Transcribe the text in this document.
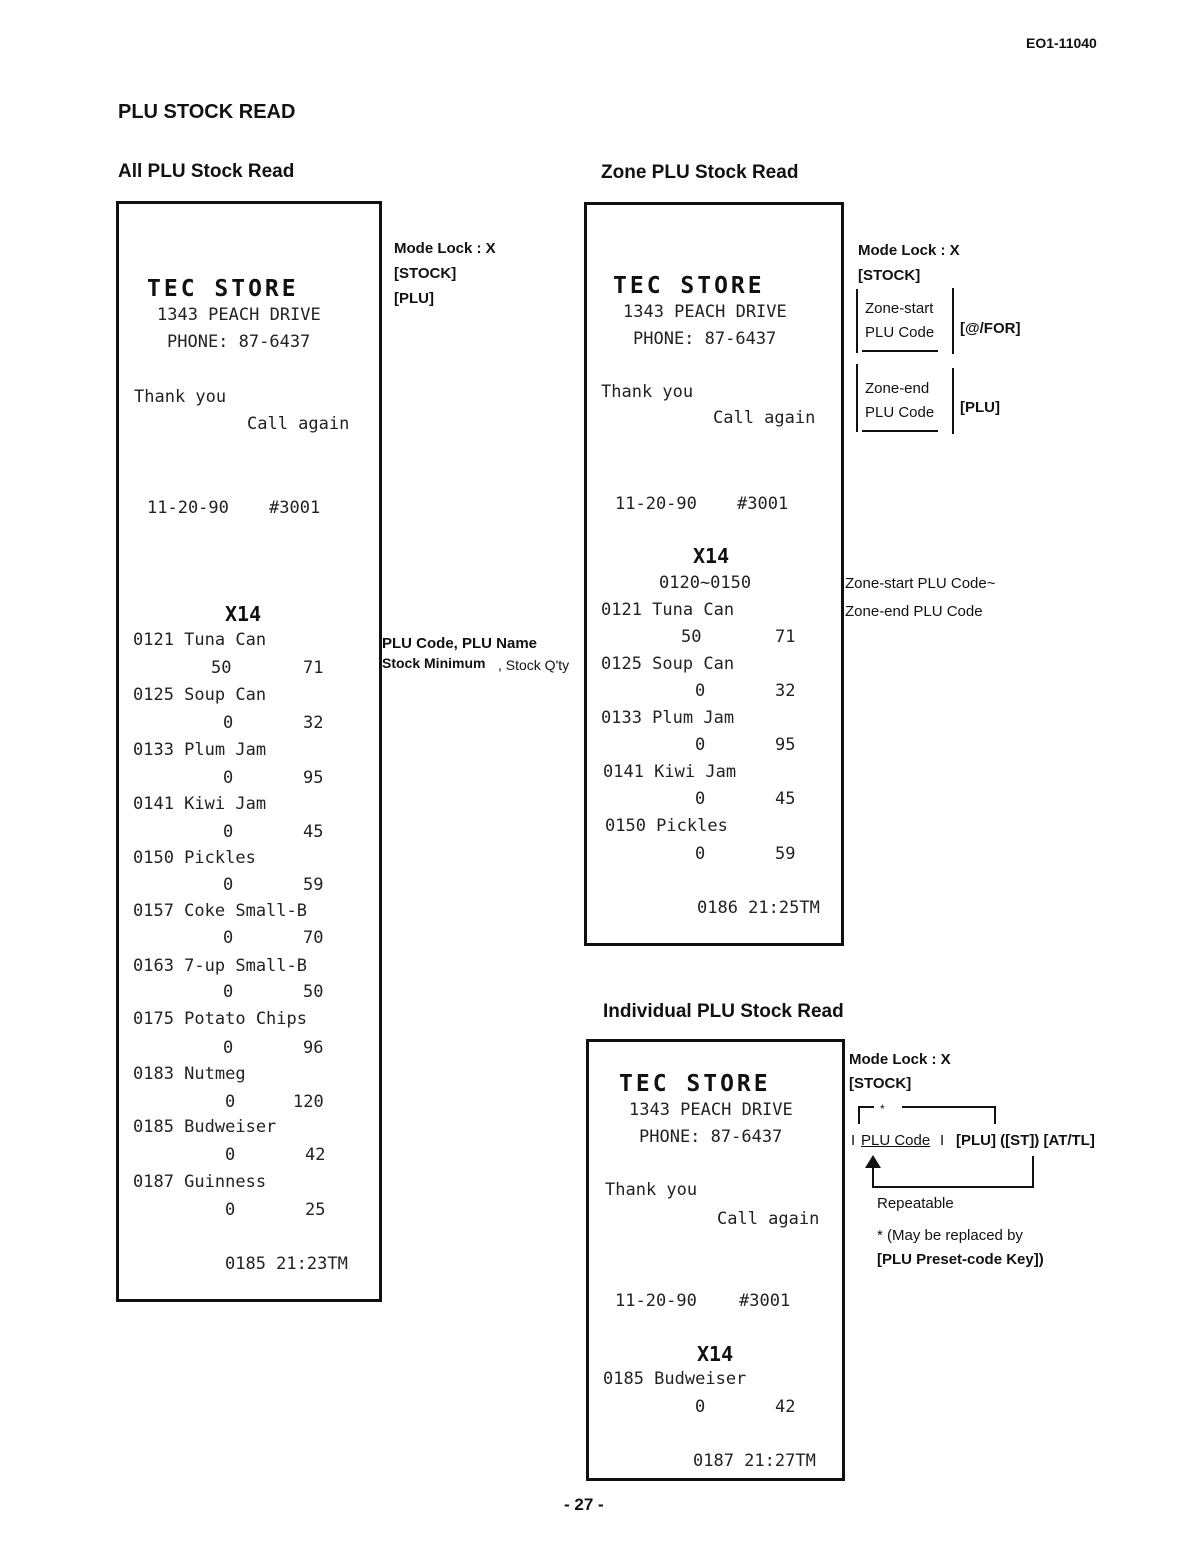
EO1-11040
PLU STOCK READ
All PLU Stock Read
TEC STORE
1343 PEACH DRIVE
PHONE: 87-6437
Thank you
Call again
11-20-90 #3001
X14
0121 Tuna Can
50	71
0125 Soup Can
0	32
0133 Plum Jam
0	95
0141 Kiwi Jam
0	45
0150 Pickles
0	59
0157 Coke Small-B
0	70
0163 7-up Small-B
0	50
0175 Potato Chips
0	96
0183 Nutmeg
0	120
0185 Budweiser
0	42
0187 Guinness
0	25
0185 21:23TM
Mode Lock : X
[STOCK]
[PLU]
PLU Code, PLU Name
Stock Minimum , Stock Q'ty
Zone PLU Stock Read
TEC STORE
1343 PEACH DRIVE
PHONE: 87-6437
Thank you
Call again
11-20-90 #3001
X14
0120~0150
0121 Tuna Can
50	71
0125 Soup Can
0	32
0133 Plum Jam
0	95
0141 Kiwi Jam
0	45
0150 Pickles
0	59
0186 21:25TM
Mode Lock : X
[STOCK]
Zone-start
PLU Code [@/FOR]
Zone-end
PLU Code [PLU]
Zone-start PLU Code~
Zone-end PLU Code
Individual PLU Stock Read
TEC STORE
1343 PEACH DRIVE
PHONE: 87-6437
Thank you
Call again
11-20-90 #3001
X14
0185 Budweiser
0	42
0187 21:27TM
Mode Lock : X
[STOCK]
*
I PLU Code I [PLU] ([ST]) [AT/TL]
Repeatable
* (May be replaced by
[PLU Preset-code Key])
- 27 -
